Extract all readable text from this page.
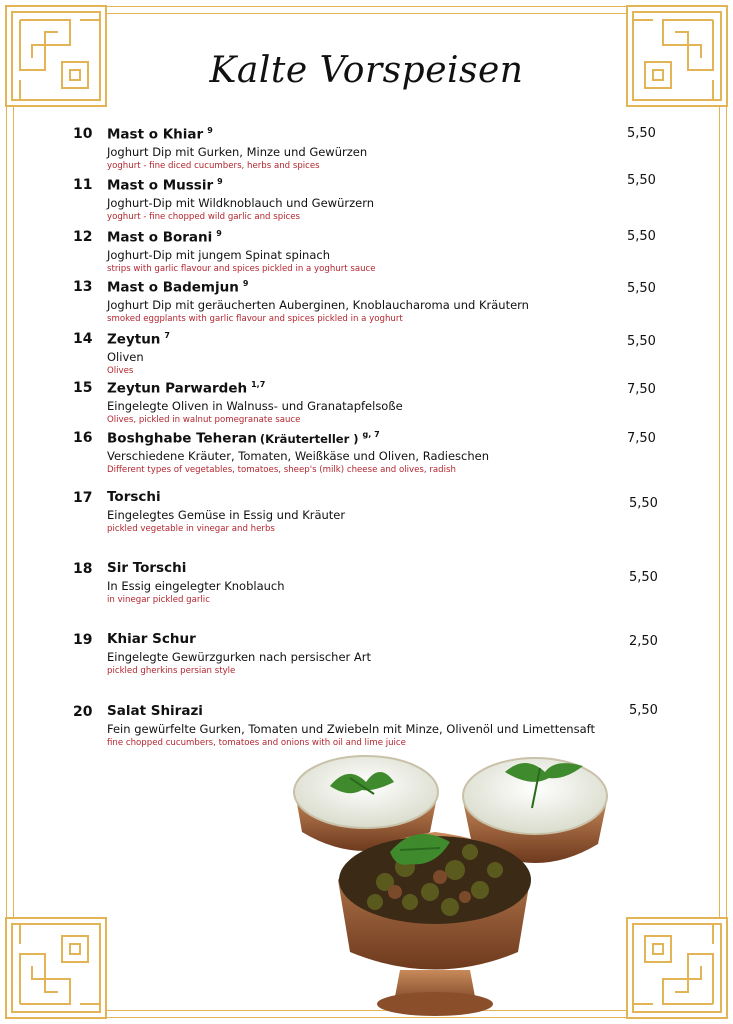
Kalte Vorspeisen
10 Mast o Khiar $^9$
Joghurt Dip mit Gurken, Minze und Gewürzen
yoghurt - fine diced cucumbers, herbs and spices
5,50
11 Mast o Mussir $^9$
Joghurt-Dip mit Wildknoblauch und Gewürzern
yoghurt - fine chopped wild garlic and spices
5,50
12 Mast o Borani $^9$
Joghurt-Dip mit jungem Spinat spinach
strips with garlic flavour and spices pickled in a yoghurt sauce
5,50
13 Mast o Bademjun $^9$
Joghurt Dip mit geräucherten Auberginen, Knoblaucharoma und Kräutern
smoked eggplants with garlic flavour and spices pickled in a yoghurt
5,50
14 Zeytun $^7$
Oliven
Olives
5,50
15 Zeytun Parwardeh $^{1,7}$
Eingelegte Oliven in Walnuss- und Granatapfelsoße
Olives, pickled in walnut pomegranate sauce
7,50
16 Boshghabe Teheran (Kräuterteller ) $^{g, 7}$
Verschiedene Kräuter, Tomaten, Weißkäse und Oliven, Radieschen
Different types of vegetables, tomatoes, sheep's (milk) cheese and olives, radish
7,50
17 Torschi
Eingelegtes Gemüse in Essig und Kräuter
pickled vegetable in vinegar and herbs
5,50
18 Sir Torschi
In Essig eingelegter Knoblauch
in vinegar pickled garlic
5,50
19 Khiar Schur
Eingelegte Gewürzgurken nach persischer Art
pickled gherkins persian style
2,50
20 Salat Shirazi
Fein gewürfelte Gurken, Tomaten und Zwiebeln mit Minze, Olivenöl und Limettensaft
fine chopped cucumbers, tomatoes and onions with oil and lime juice
5,50
